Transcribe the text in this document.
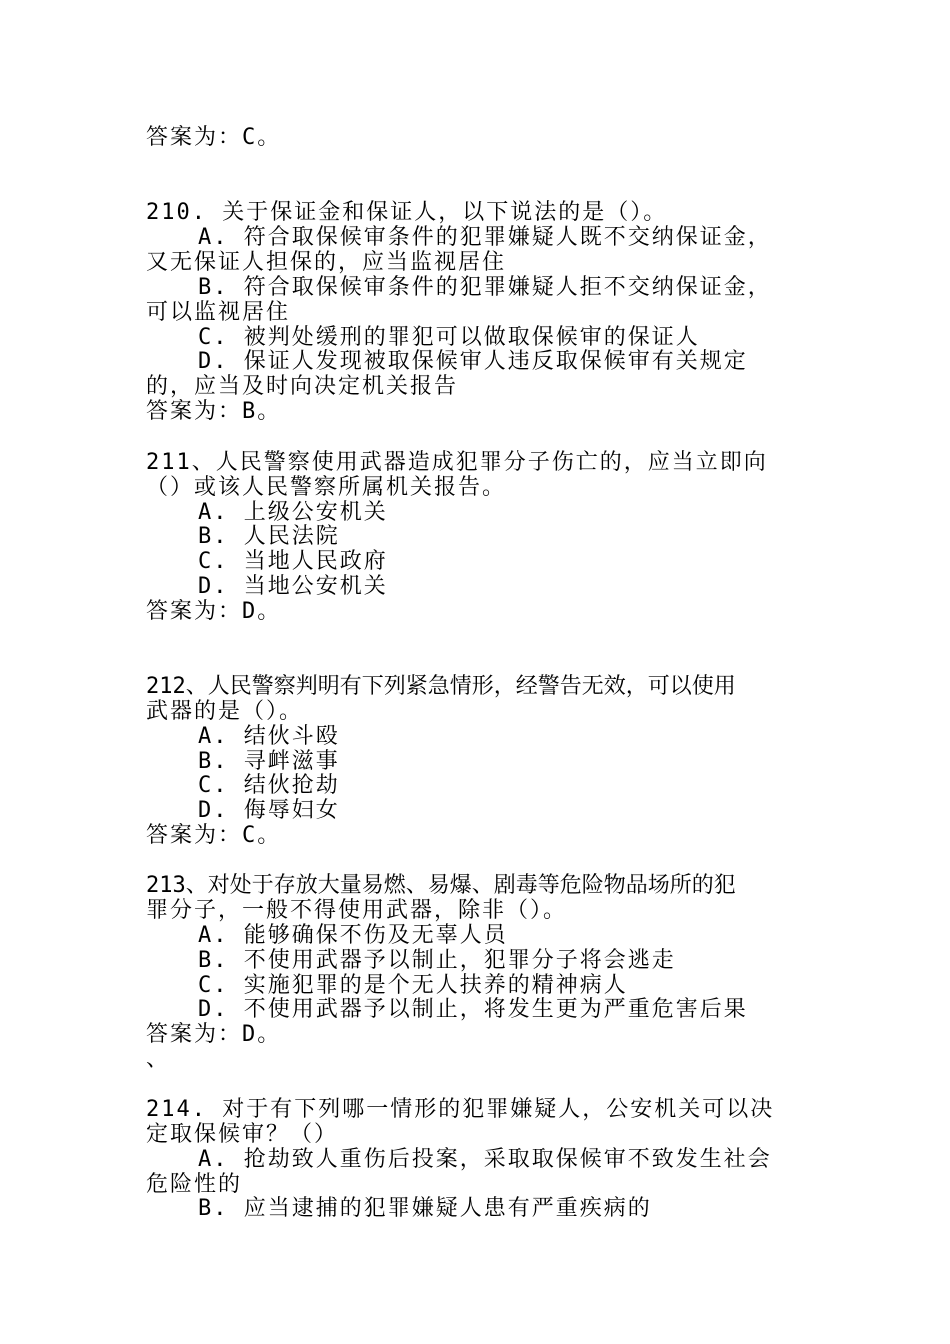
答案为：C。
210. 关于保证金和保证人，以下说法的是（）。
A. 符合取保候审条件的犯罪嫌疑人既不交纳保证金，
又无保证人担保的，应当监视居住
B. 符合取保候审条件的犯罪嫌疑人拒不交纳保证金，
可以监视居住
C. 被判处缓刑的罪犯可以做取保候审的保证人
D. 保证人发现被取保候审人违反取保候审有关规定
的，应当及时向决定机关报告
答案为：B。
211、人民警察使用武器造成犯罪分子伤亡的，应当立即向
（）或该人民警察所属机关报告。
A. 上级公安机关
B. 人民法院
C. 当地人民政府
D. 当地公安机关
答案为：D。
212、人民警察判明有下列紧急情形，经警告无效，可以使用
武器的是（）。
A. 结伙斗殴
B. 寻衅滋事
C. 结伙抢劫
D. 侮辱妇女
答案为：C。
213、对处于存放大量易燃、易爆、剧毒等危险物品场所的犯
罪分子，一般不得使用武器，除非（）。
A. 能够确保不伤及无辜人员
B. 不使用武器予以制止，犯罪分子将会逃走
C. 实施犯罪的是个无人扶养的精神病人
D. 不使用武器予以制止，将发生更为严重危害后果
答案为：D。
、
214. 对于有下列哪一情形的犯罪嫌疑人，公安机关可以决
定取保候审？（）
A. 抢劫致人重伤后投案，采取取保候审不致发生社会
危险性的
B. 应当逮捕的犯罪嫌疑人患有严重疾病的
